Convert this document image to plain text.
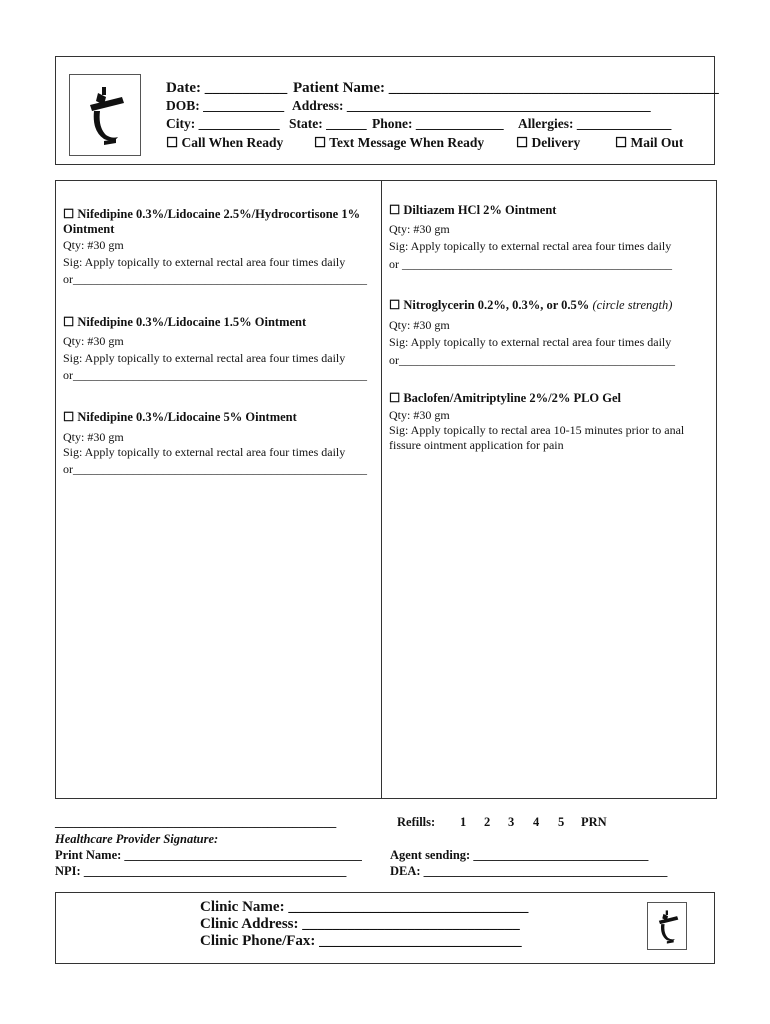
Date: ___________ Patient Name: ____________________________________________
DOB: ____________ Address: _____________________________________________
City: ____________ State: ______ Phone: _____________ Allergies: ______________
☐ Call When Ready ☐ Text Message When Ready ☐ Delivery	☐ Mail Out
☐ Nifedipine 0.3%/Lidocaine 2.5%/Hydrocortisone 1%
Ointment
Qty: #30 gm
Sig: Apply topically to external rectal area four times daily
or_________________________________________________
☐ Nifedipine 0.3%/Lidocaine 1.5% Ointment
Qty: #30 gm
Sig: Apply topically to external rectal area four times daily
or_________________________________________________
☐ Nifedipine 0.3%/Lidocaine 5% Ointment
Qty: #30 gm
Sig: Apply topically to external rectal area four times daily
or_________________________________________________
☐ Diltiazem HCl 2% Ointment
Qty: #30 gm
Sig: Apply topically to external rectal area four times daily
or _____________________________________________
☐ Nitroglycerin 0.2%, 0.3%, or 0.5% (circle strength)
Qty: #30 gm
Sig: Apply topically to external rectal area four times daily
or______________________________________________
☐ Baclofen/Amitriptyline 2%/2% PLO Gel
Qty: #30 gm
Sig: Apply topically to rectal area 10-15 minutes prior to anal
fissure ointment application for pain
_____________________________________________
Healthcare Provider Signature:
Print Name: ______________________________________
NPI: __________________________________________
Refills: 1 2 3 4 5 PRN
Agent sending: ____________________________
DEA: _______________________________________
Clinic Name: ________________________________
Clinic Address: _____________________________
Clinic Phone/Fax: ___________________________
